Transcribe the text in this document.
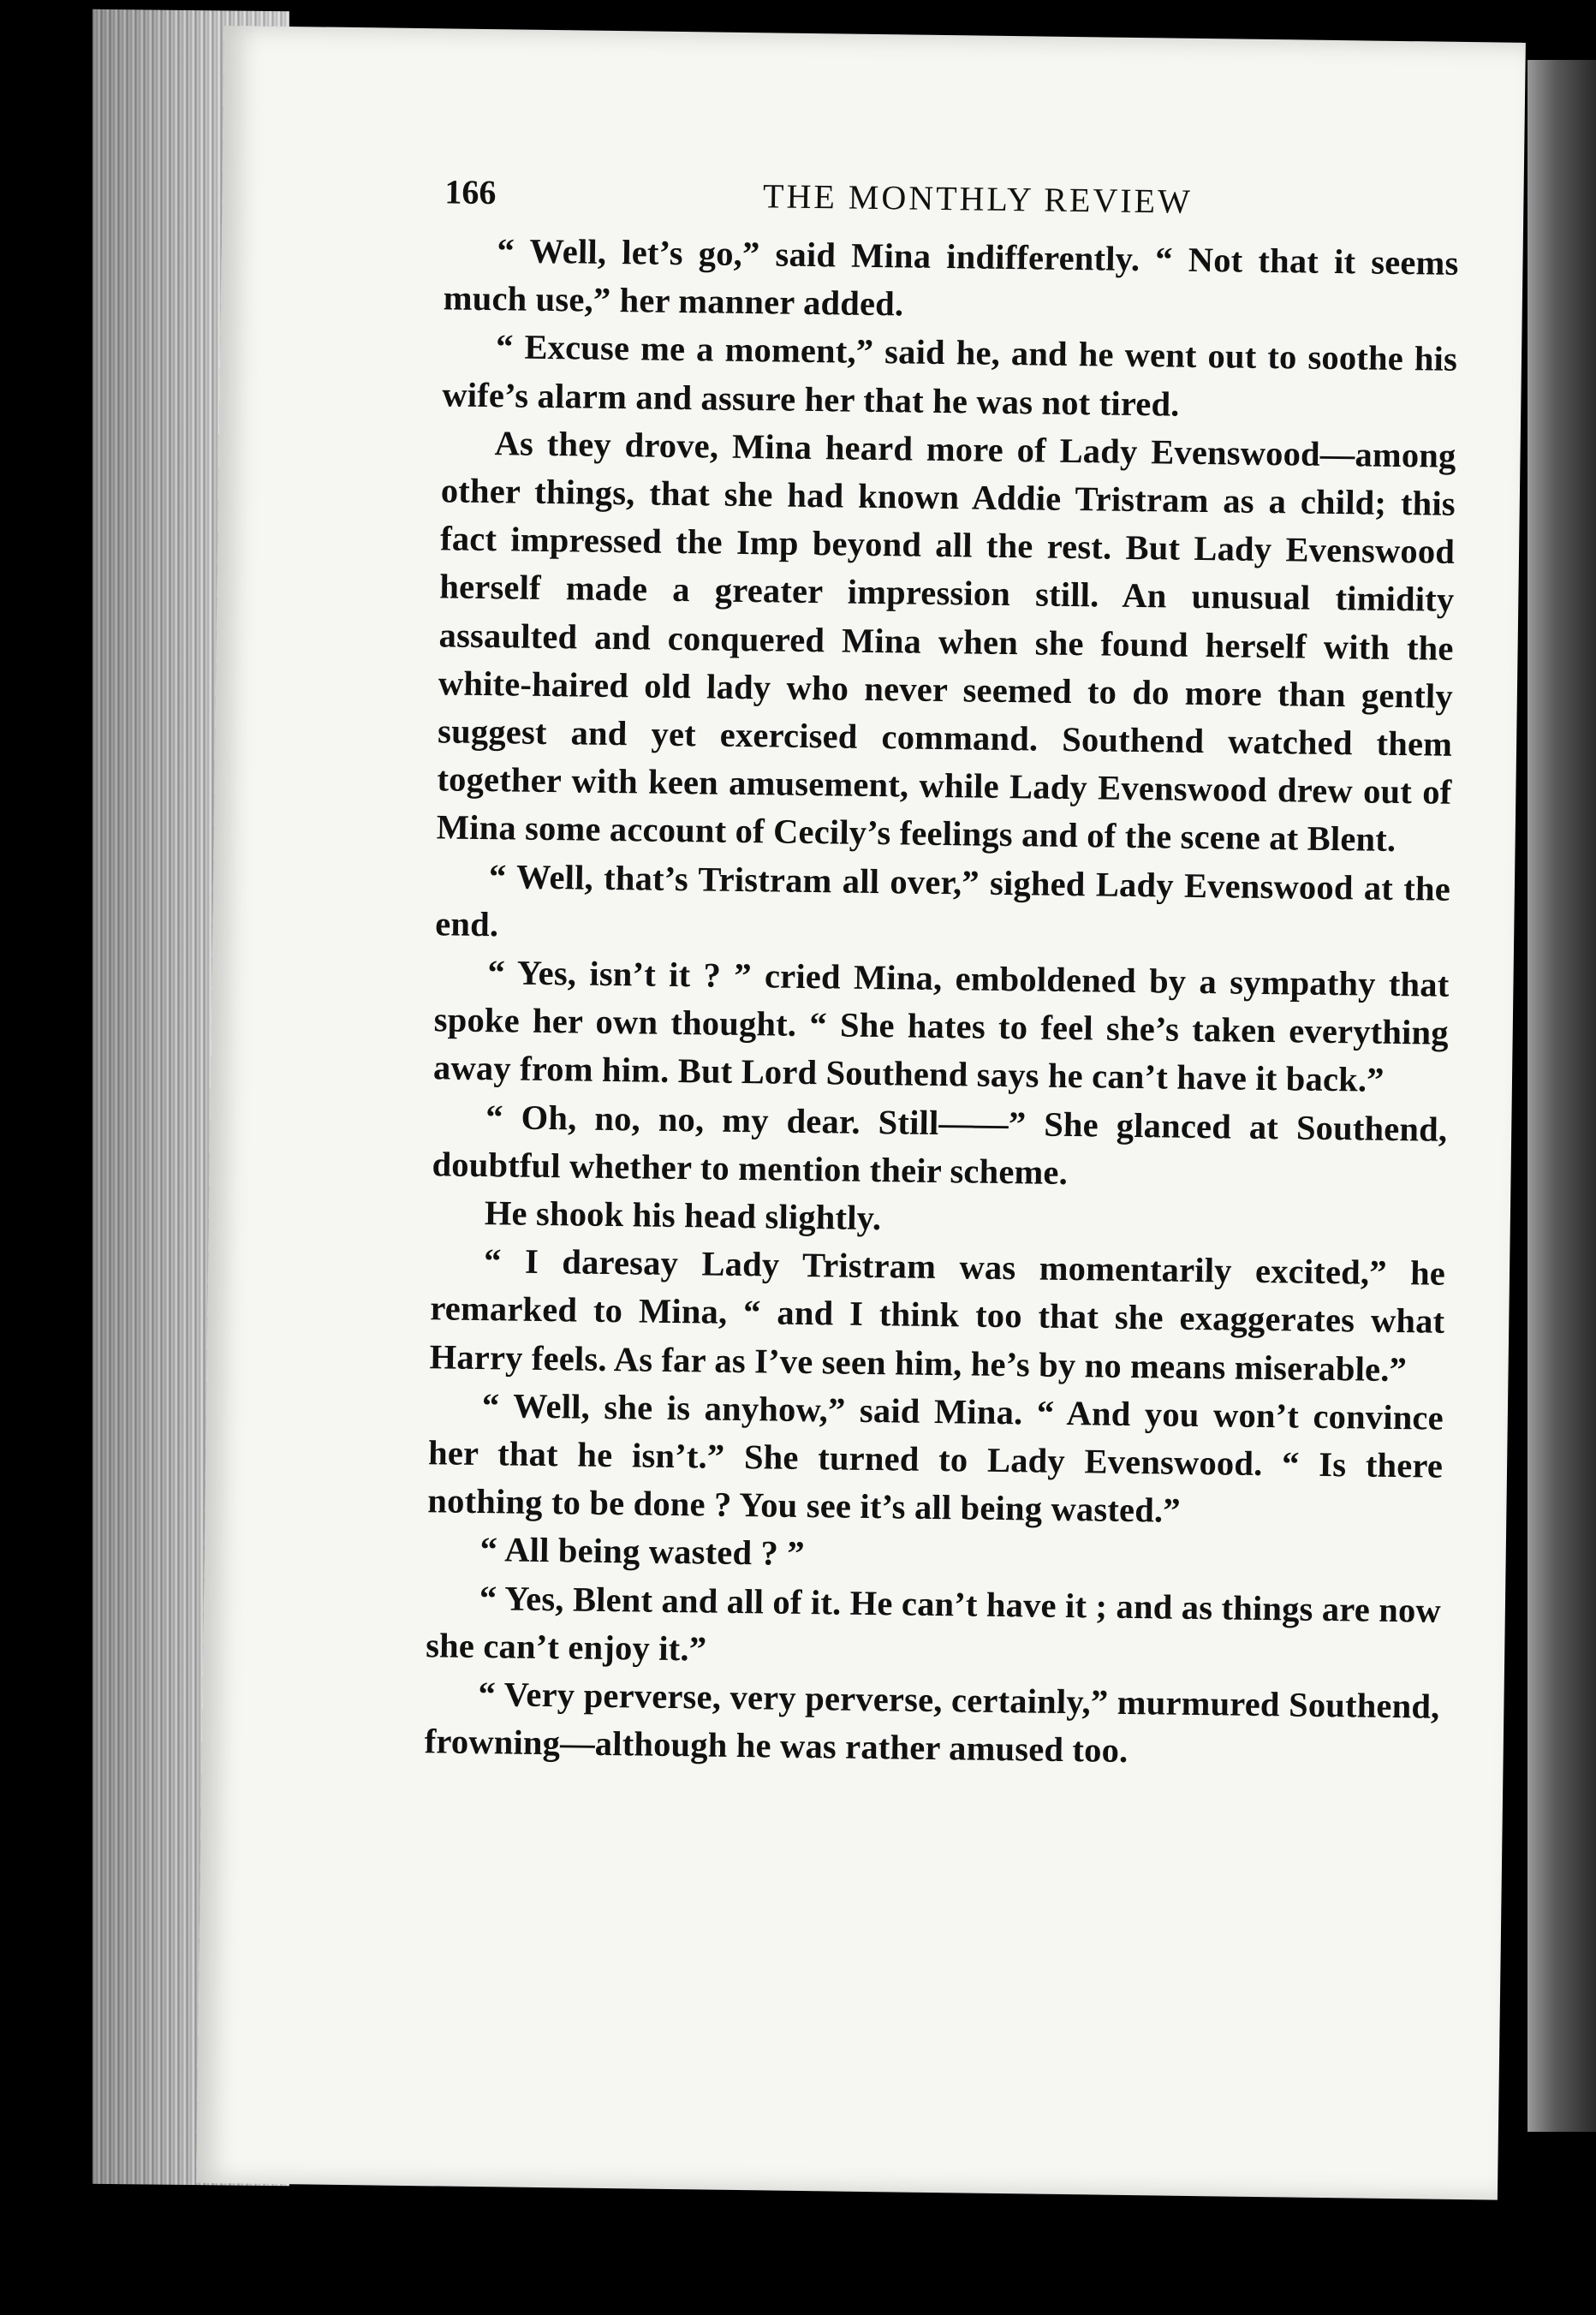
166	THE MONTHLY REVIEW

“ Well, let’s go,” said Mina indifferently. “ Not that it seems much use,” her manner added.

“ Excuse me a moment,” said he, and he went out to soothe his wife’s alarm and assure her that he was not tired.

As they drove, Mina heard more of Lady Evenswood—among other things, that she had known Addie Tristram as a child; this fact impressed the Imp beyond all the rest. But Lady Evenswood herself made a greater impression still. An unusual timidity assaulted and conquered Mina when she found herself with the white-haired old lady who never seemed to do more than gently suggest and yet exercised command. Southend watched them together with keen amusement, while Lady Evenswood drew out of Mina some account of Cecily’s feelings and of the scene at Blent.

“ Well, that’s Tristram all over,” sighed Lady Evenswood at the end.

“ Yes, isn’t it ? ” cried Mina, emboldened by a sympathy that spoke her own thought. “ She hates to feel she’s taken everything away from him. But Lord Southend says he can’t have it back.”

“ Oh, no, no, my dear. Still——” She glanced at Southend, doubtful whether to mention their scheme.

He shook his head slightly.

“ I daresay Lady Tristram was momentarily excited,” he remarked to Mina, “ and I think too that she exaggerates what Harry feels. As far as I’ve seen him, he’s by no means miserable.”

“ Well, she is anyhow,” said Mina. “ And you won’t convince her that he isn’t.” She turned to Lady Evenswood. “ Is there nothing to be done ? You see it’s all being wasted.”

“ All being wasted ? ”

“ Yes, Blent and all of it. He can’t have it ; and as things are now she can’t enjoy it.”

“ Very perverse, very perverse, certainly,” murmured Southend, frowning—although he was rather amused too.
